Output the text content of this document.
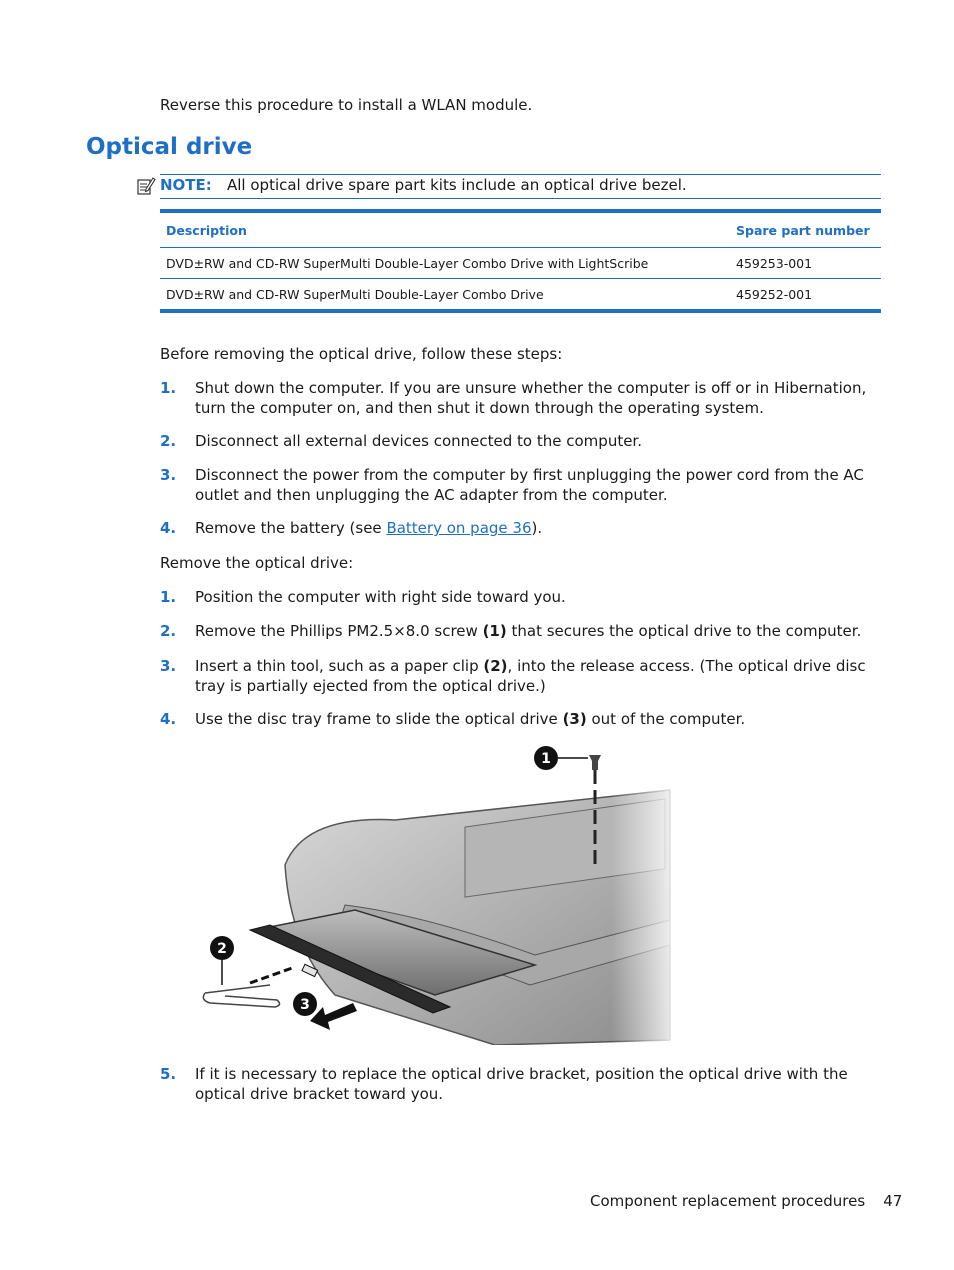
Reverse this procedure to install a WLAN module.
Optical drive
NOTE: All optical drive spare part kits include an optical drive bezel.
Description	Spare part number
DVD±RW and CD-RW SuperMulti Double-Layer Combo Drive with LightScribe	459253-001
DVD±RW and CD-RW SuperMulti Double-Layer Combo Drive	459252-001
Before removing the optical drive, follow these steps:
1. Shut down the computer. If you are unsure whether the computer is off or in Hibernation, turn the computer on, and then shut it down through the operating system.
2. Disconnect all external devices connected to the computer.
3. Disconnect the power from the computer by first unplugging the power cord from the AC outlet and then unplugging the AC adapter from the computer.
4. Remove the battery (see Battery on page 36).
Remove the optical drive:
1. Position the computer with right side toward you.
2. Remove the Phillips PM2.5×8.0 screw (1) that secures the optical drive to the computer.
3. Insert a thin tool, such as a paper clip (2), into the release access. (The optical drive disc tray is partially ejected from the optical drive.)
4. Use the disc tray frame to slide the optical drive (3) out of the computer.
1
2
3
5. If it is necessary to replace the optical drive bracket, position the optical drive with the optical drive bracket toward you.
Component replacement procedures 47
